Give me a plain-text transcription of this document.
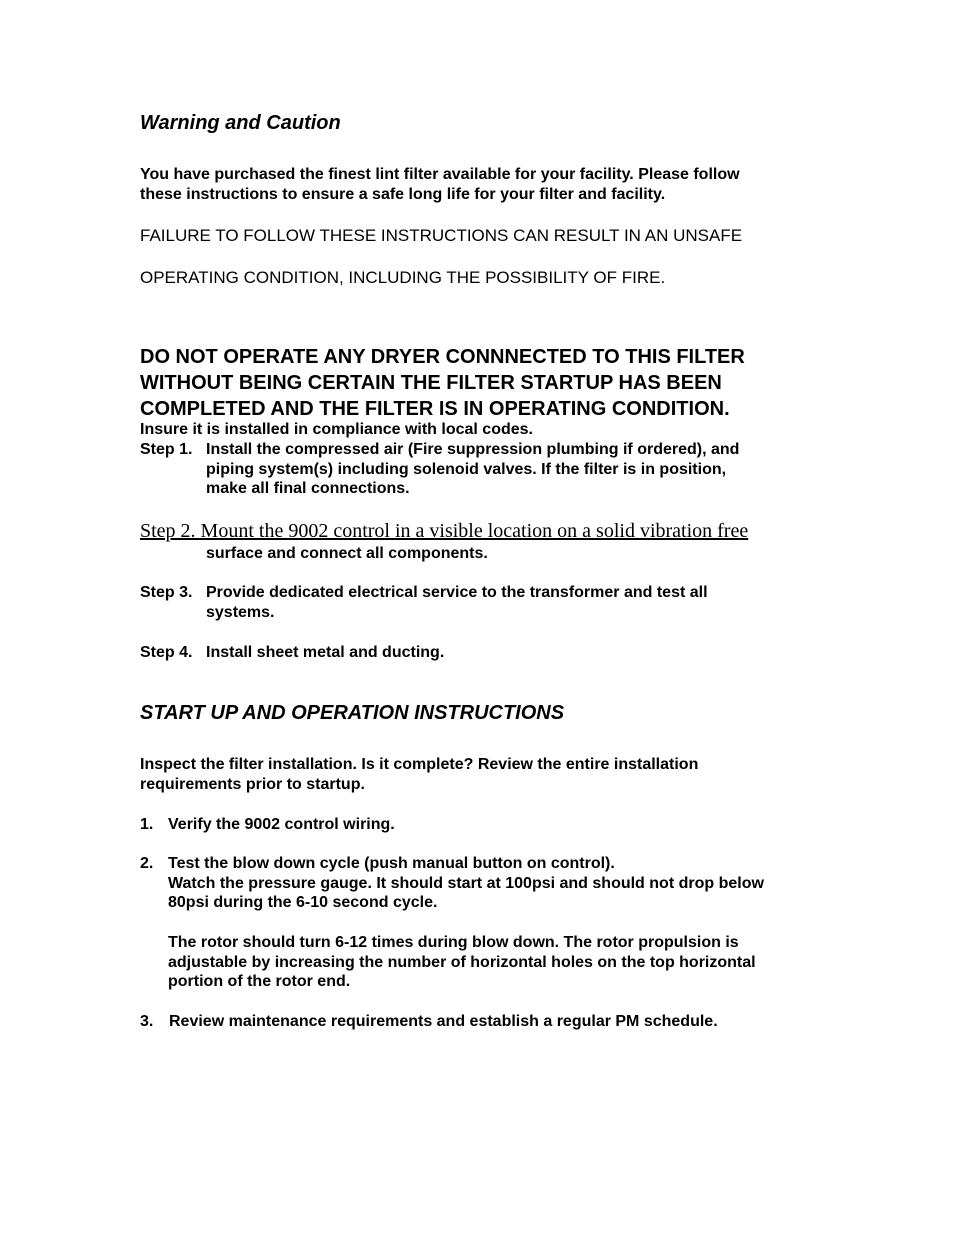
Warning and Caution
You have purchased the finest lint filter available for your facility. Please follow
these instructions to ensure a safe long life for your filter and facility.
FAILURE TO FOLLOW THESE INSTRUCTIONS CAN RESULT IN AN UNSAFE
OPERATING CONDITION, INCLUDING THE POSSIBILITY OF FIRE.
DO NOT OPERATE ANY DRYER CONNNECTED TO THIS FILTER
WITHOUT BEING CERTAIN THE FILTER STARTUP HAS BEEN
COMPLETED AND THE FILTER IS IN OPERATING CONDITION.
Insure it is installed in compliance with local codes.
Step 1. Install the compressed air (Fire suppression plumbing if ordered), and
piping system(s) including solenoid valves. If the filter is in position,
make all final connections.
Step 2. Mount the 9002 control in a visible location on a solid vibration free
surface and connect all components.
Step 3. Provide dedicated electrical service to the transformer and test all
systems.
Step 4. Install sheet metal and ducting.
START UP AND OPERATION INSTRUCTIONS
Inspect the filter installation. Is it complete? Review the entire installation
requirements prior to startup.
1. Verify the 9002 control wiring.
2. Test the blow down cycle (push manual button on control).
Watch the pressure gauge. It should start at 100psi and should not drop below
80psi during the 6-10 second cycle.
The rotor should turn 6-12 times during blow down. The rotor propulsion is
adjustable by increasing the number of horizontal holes on the top horizontal
portion of the rotor end.
3. Review maintenance requirements and establish a regular PM schedule.
